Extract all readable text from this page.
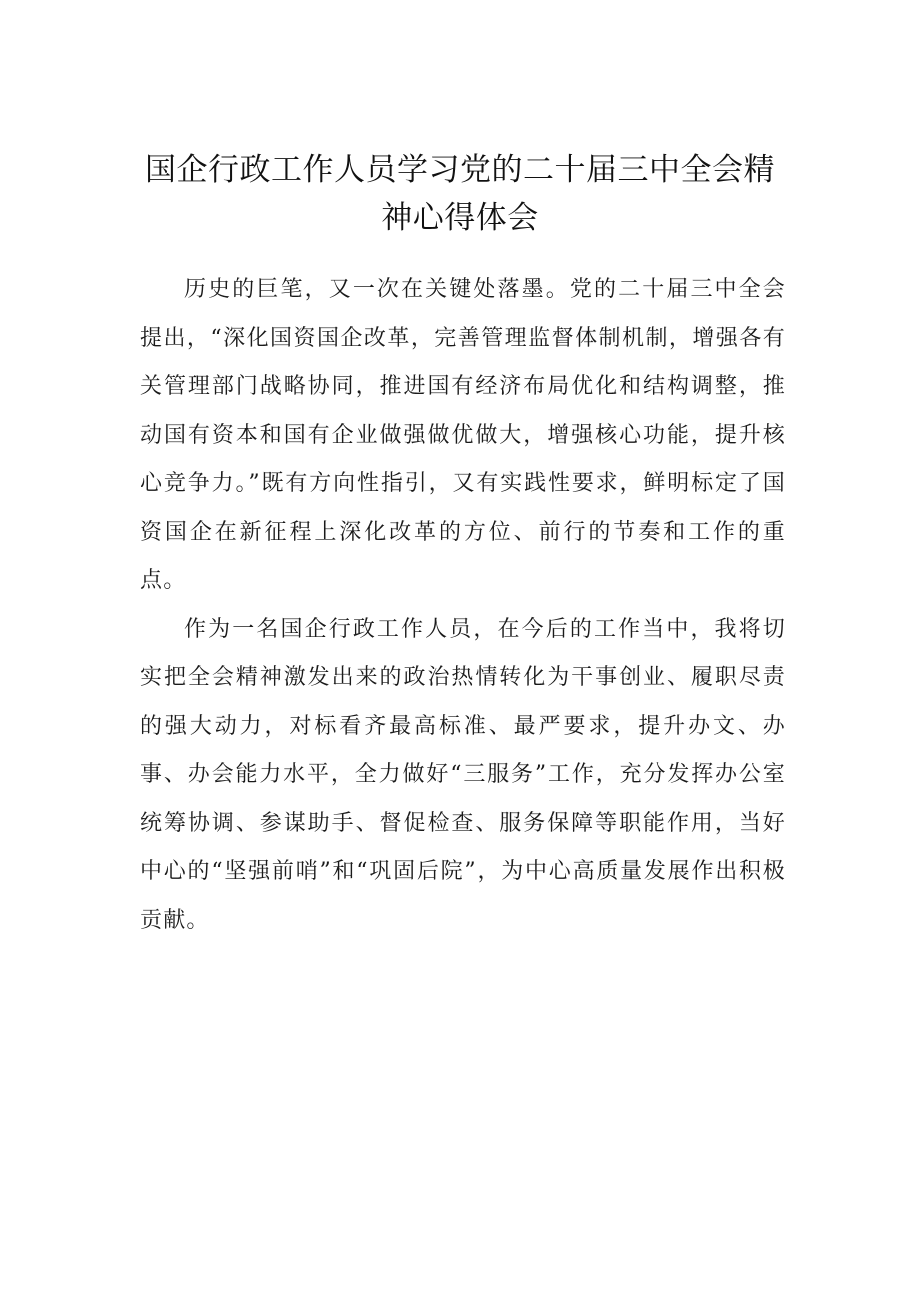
国企行政工作人员学习党的二十届三中全会精神心得体会

历史的巨笔，又一次在关键处落墨。党的二十届三中全会提出，“深化国资国企改革，完善管理监督体制机制，增强各有关管理部门战略协同，推进国有经济布局优化和结构调整，推动国有资本和国有企业做强做优做大，增强核心功能，提升核心竞争力。”既有方向性指引，又有实践性要求，鲜明标定了国资国企在新征程上深化改革的方位、前行的节奏和工作的重点。

作为一名国企行政工作人员，在今后的工作当中，我将切实把全会精神激发出来的政治热情转化为干事创业、履职尽责的强大动力，对标看齐最高标准、最严要求，提升办文、办事、办会能力水平，全力做好“三服务”工作，充分发挥办公室统筹协调、参谋助手、督促检查、服务保障等职能作用，当好中心的“坚强前哨”和“巩固后院”，为中心高质量发展作出积极贡献。
